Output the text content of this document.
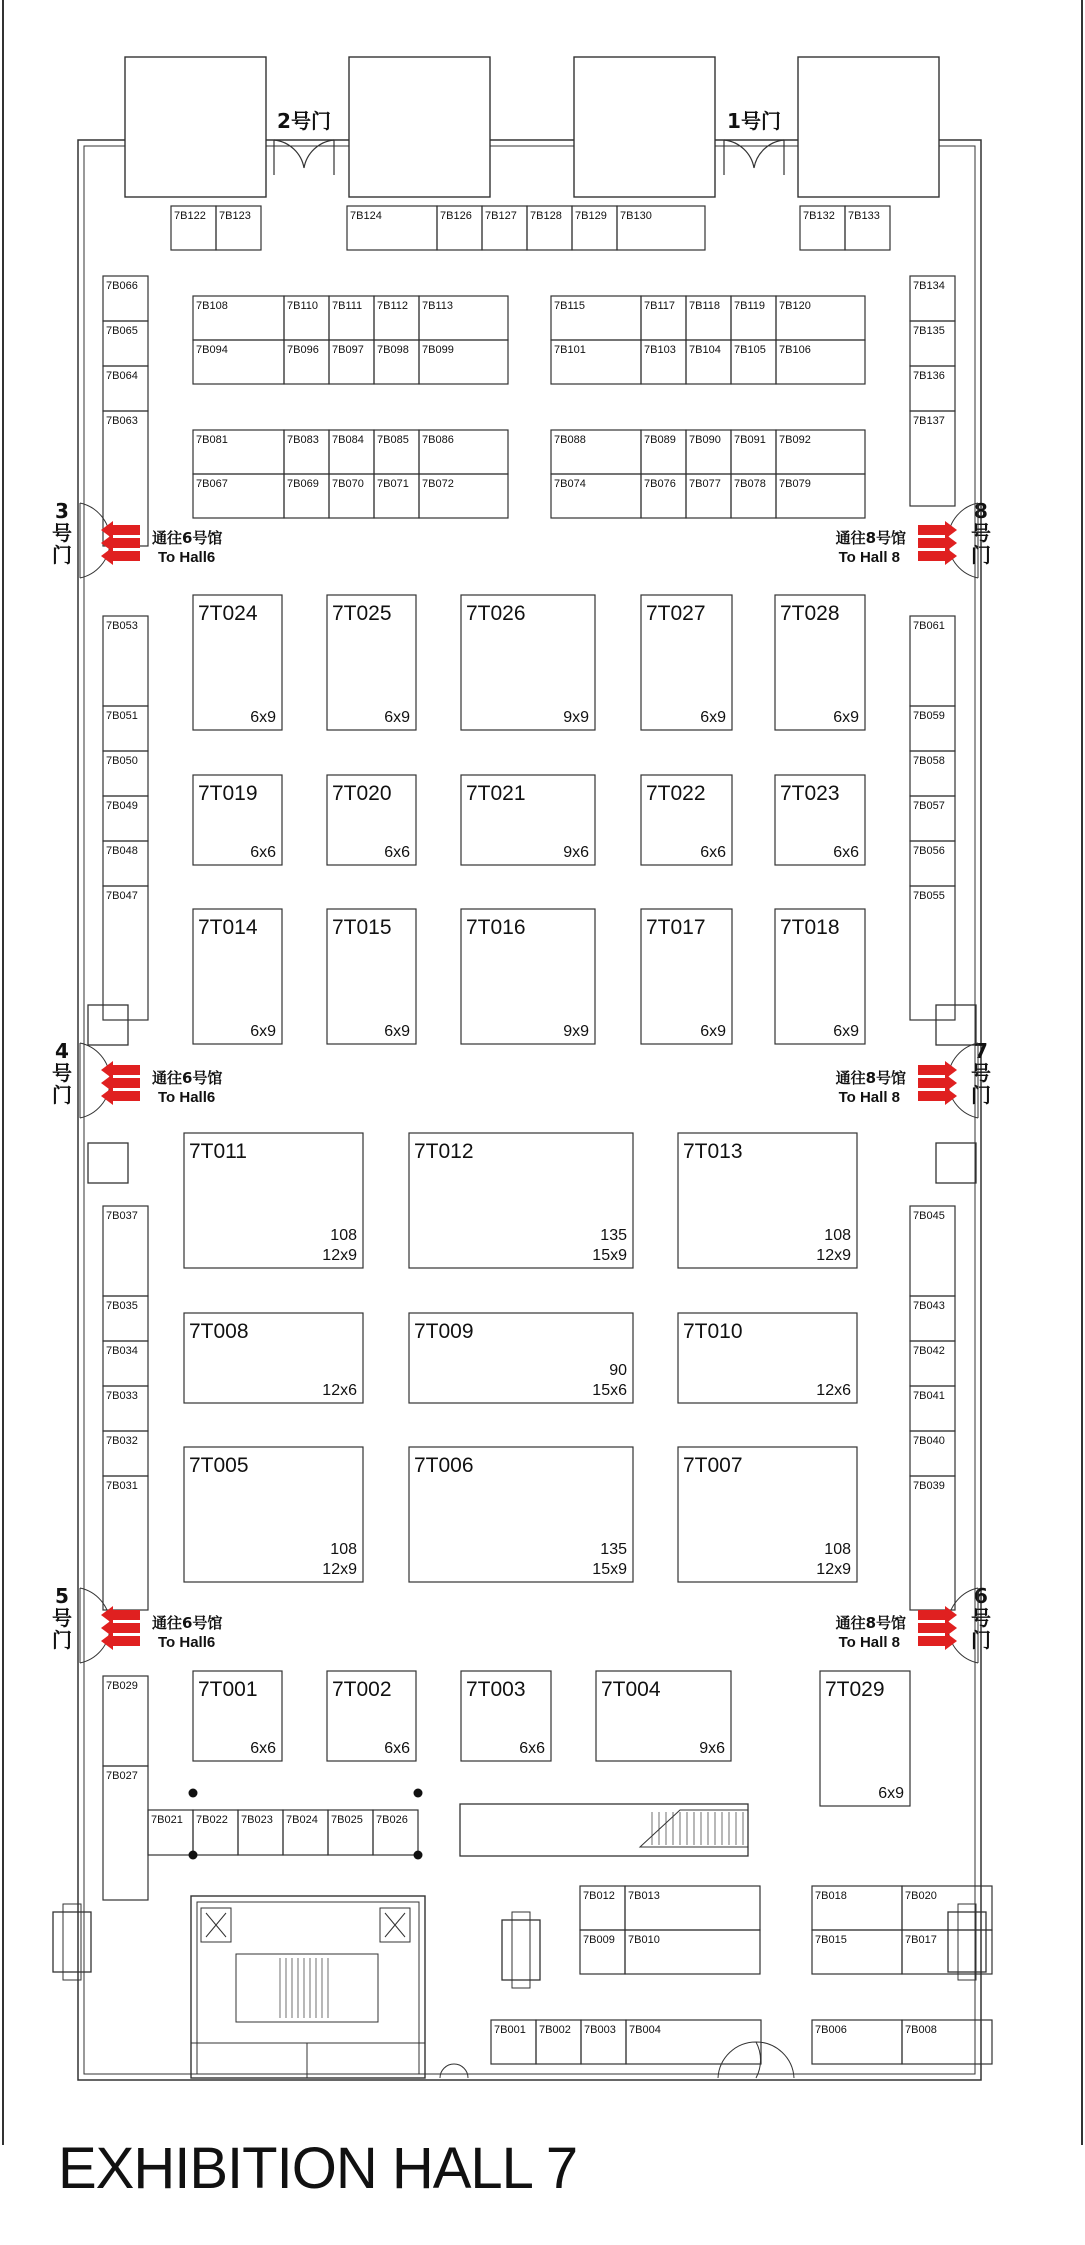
2号门	1号门
7B122 7B123	7B124	7B126 7B127 7B128 7B129 7B130	7B132 7B133
7B066
7B065
7B064
7B063
7B108	7B110 7B111 7B112 7B113
7B094	7B096 7B097 7B098 7B099
7B115	7B117 7B118 7B119 7B120
7B101	7B103 7B104 7B105 7B106
7B081	7B083 7B084 7B085 7B086
7B067	7B069 7B070 7B071 7B072
7B088	7B089 7B090 7B091 7B092
7B074	7B076 7B077 7B078 7B079
7B134
7B135
7B136
7B137
7T024
6x9
7T025
6x9
7T026
9x9
7T027
6x9
7T028
6x9
7B053
7B051
7B050
7B049
7B048
7B047
7B061
7B059
7B058
7B057
7B056
7B055
7T019
6x6
7T020
6x6
7T021
9x6
7T022
6x6
7T023
6x6
7T014
6x9
7T015
6x9
7T016
9x9
7T017
6x9
7T018
6x9
7T011
12x9
108
7T012
15x9
135
7T013
12x9
108
7B037
7B035
7B034
7B033
7B032
7B031
7B045
7B043
7B042
7B041
7B040
7B039
7T008
12x6
7T009
15x6
90
7T010
12x6
7T005
12x9
108
7T006
15x9
135
7T007
12x9
108
7T001
6x6
7T002
6x6
7T003
6x6
7T004
9x6
7T029
6x9
7B029
7B027
7B021 7B022 7B023 7B024 7B025 7B026
7B012 7B013
7B009 7B010
7B018	7B020
7B015	7B017
7B001 7B002 7B003 7B004	7B006	7B008
3
号
门
通往6号馆
To Hall6
8
号
门
通往8号馆
To Hall 8
4
号
门
通往6号馆
To Hall6
7
号
门
通往8号馆
To Hall 8
5
号
门
通往6号馆
To Hall6
6
号
门
通往8号馆
To Hall 8
EXHIBITION HALL 7
